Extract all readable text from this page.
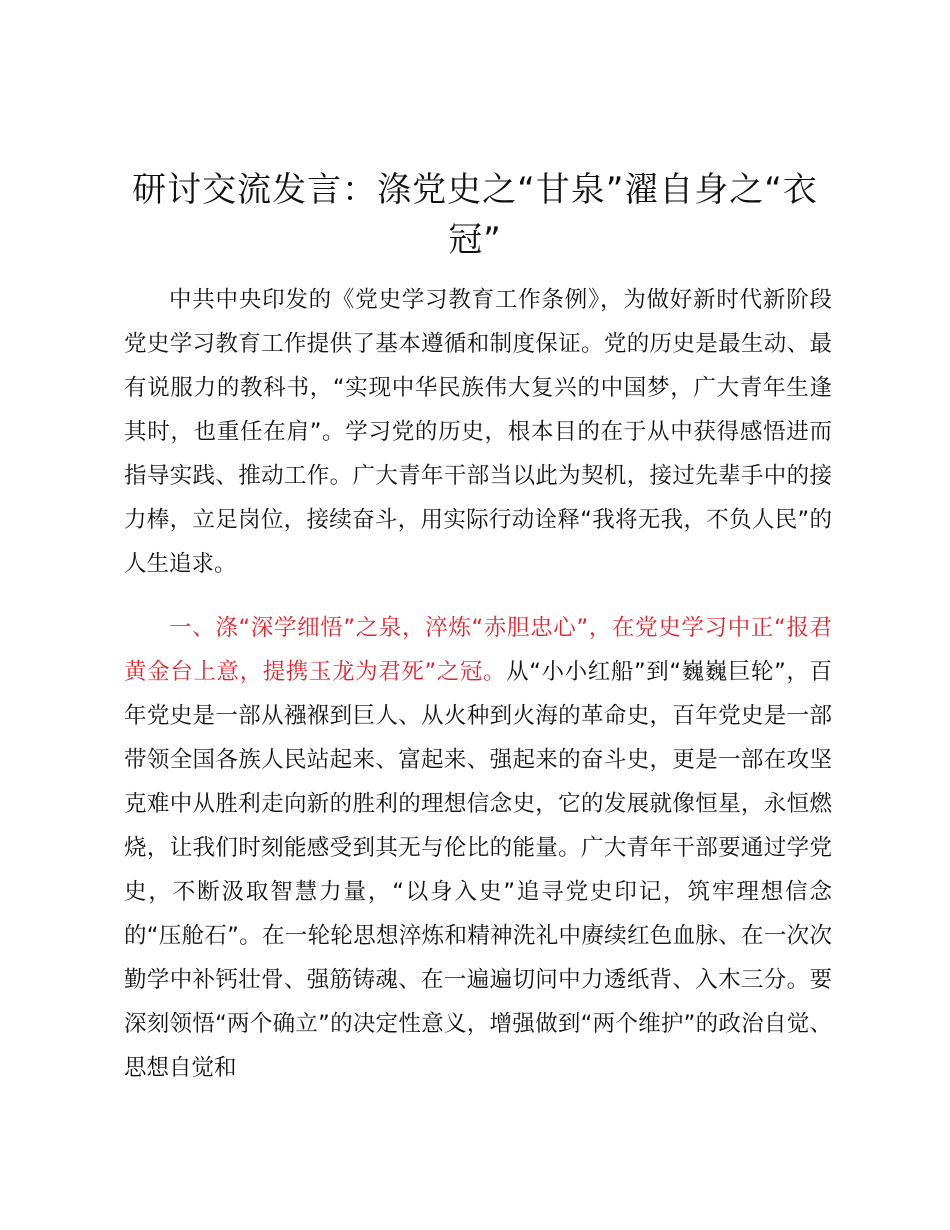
研讨交流发言：涤党史之“甘泉”濯自身之“衣冠”

中共中央印发的《党史学习教育工作条例》，为做好新时代新阶段党史学习教育工作提供了基本遵循和制度保证。党的历史是最生动、最有说服力的教科书，“实现中华民族伟大复兴的中国梦，广大青年生逢其时，也重任在肩”。学习党的历史，根本目的在于从中获得感悟进而指导实践、推动工作。广大青年干部当以此为契机，接过先辈手中的接力棒，立足岗位，接续奋斗，用实际行动诠释“我将无我，不负人民”的人生追求。

一、涤“深学细悟”之泉，淬炼“赤胆忠心”，在党史学习中正“报君黄金台上意，提携玉龙为君死”之冠。从“小小红船”到“巍巍巨轮”，百年党史是一部从襁褓到巨人、从火种到火海的革命史，百年党史是一部带领全国各族人民站起来、富起来、强起来的奋斗史，更是一部在攻坚克难中从胜利走向新的胜利的理想信念史，它的发展就像恒星，永恒燃烧，让我们时刻能感受到其无与伦比的能量。广大青年干部要通过学党史，不断汲取智慧力量，“以身入史”追寻党史印记，筑牢理想信念的“压舱石”。在一轮轮思想淬炼和精神洗礼中赓续红色血脉、在一次次勤学中补钙壮骨、强筋铸魂、在一遍遍切问中力透纸背、入木三分。要深刻领悟“两个确立”的决定性意义，增强做到“两个维护”的政治自觉、思想自觉和
